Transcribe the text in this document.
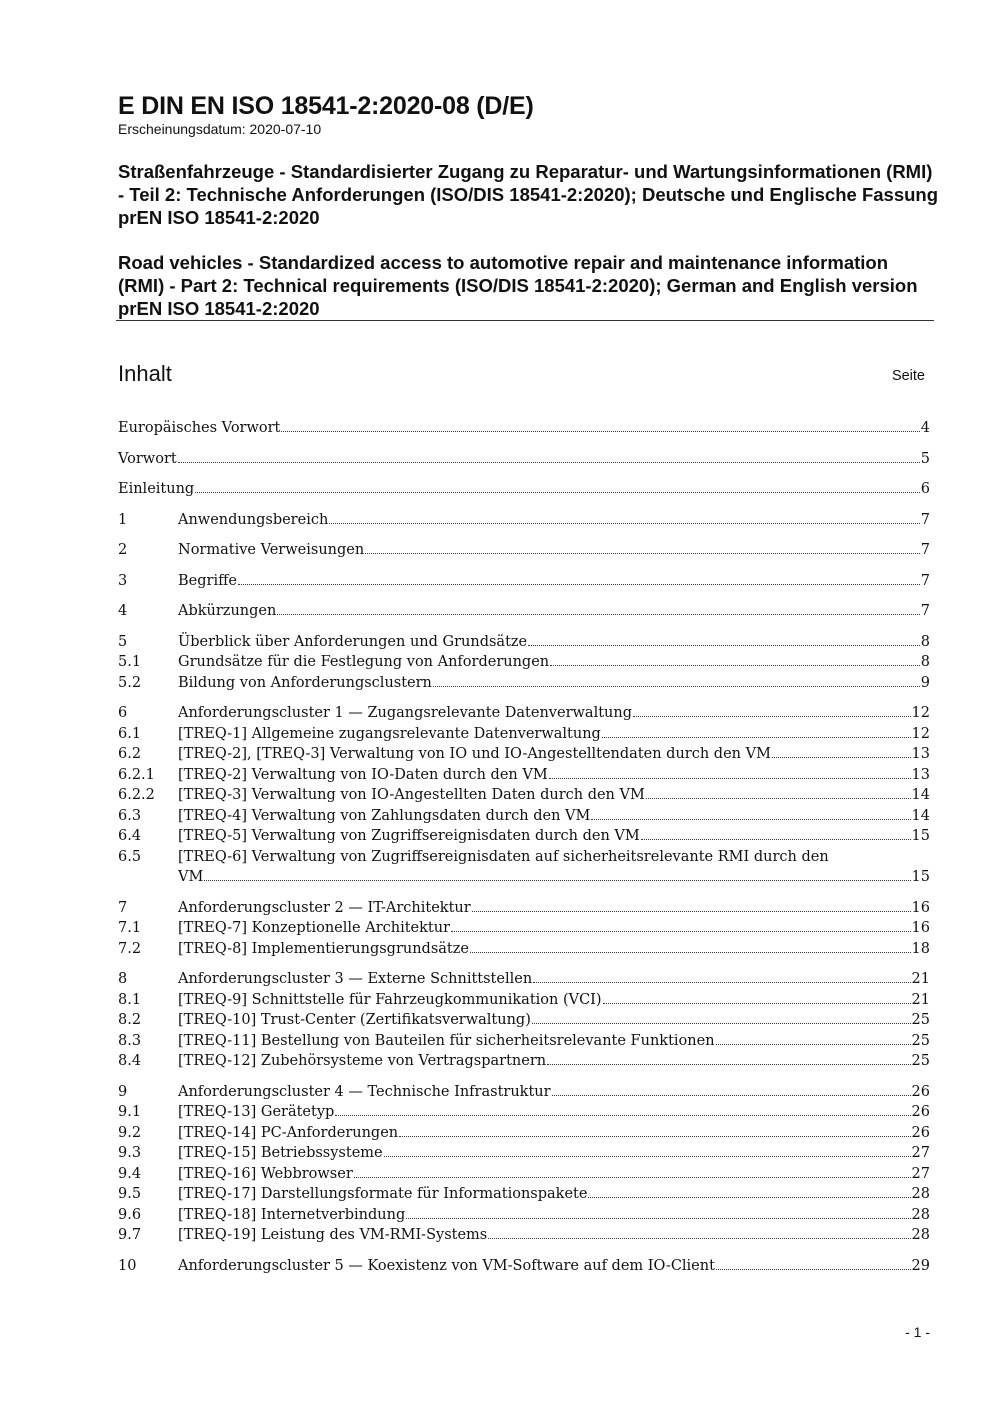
E DIN EN ISO 18541-2:2020-08 (D/E)
Erscheinungsdatum: 2020-07-10
Straßenfahrzeuge - Standardisierter Zugang zu Reparatur- und Wartungsinformationen (RMI) - Teil 2: Technische Anforderungen (ISO/DIS 18541-2:2020); Deutsche und Englische Fassung prEN ISO 18541-2:2020
Road vehicles - Standardized access to automotive repair and maintenance information (RMI) - Part 2: Technical requirements (ISO/DIS 18541-2:2020); German and English version prEN ISO 18541-2:2020
Inhalt	Seite
Europäisches Vorwort	4
Vorwort	5
Einleitung	6
1	Anwendungsbereich	7
2	Normative Verweisungen	7
3	Begriffe	7
4	Abkürzungen	7
5	Überblick über Anforderungen und Grundsätze	8
5.1	Grundsätze für die Festlegung von Anforderungen	8
5.2	Bildung von Anforderungsclustern	9
6	Anforderungscluster 1 — Zugangsrelevante Datenverwaltung	12
6.1	[TREQ-1] Allgemeine zugangsrelevante Datenverwaltung	12
6.2	[TREQ-2], [TREQ-3] Verwaltung von IO und IO-Angestelltendaten durch den VM	13
6.2.1	[TREQ-2] Verwaltung von IO-Daten durch den VM	13
6.2.2	[TREQ-3] Verwaltung von IO-Angestellten Daten durch den VM	14
6.3	[TREQ-4] Verwaltung von Zahlungsdaten durch den VM	14
6.4	[TREQ-5] Verwaltung von Zugriffsereignisdaten durch den VM	15
6.5	[TREQ-6] Verwaltung von Zugriffsereignisdaten auf sicherheitsrelevante RMI durch den
VM	15
7	Anforderungscluster 2 — IT-Architektur	16
7.1	[TREQ-7] Konzeptionelle Architektur	16
7.2	[TREQ-8] Implementierungsgrundsätze	18
8	Anforderungscluster 3 — Externe Schnittstellen	21
8.1	[TREQ-9] Schnittstelle für Fahrzeugkommunikation (VCI)	21
8.2	[TREQ-10] Trust-Center (Zertifikatsverwaltung)	25
8.3	[TREQ-11] Bestellung von Bauteilen für sicherheitsrelevante Funktionen	25
8.4	[TREQ-12] Zubehörsysteme von Vertragspartnern	25
9	Anforderungscluster 4 — Technische Infrastruktur	26
9.1	[TREQ-13] Gerätetyp	26
9.2	[TREQ-14] PC-Anforderungen	26
9.3	[TREQ-15] Betriebssysteme	27
9.4	[TREQ-16] Webbrowser	27
9.5	[TREQ-17] Darstellungsformate für Informationspakete	28
9.6	[TREQ-18] Internetverbindung	28
9.7	[TREQ-19] Leistung des VM-RMI-Systems	28
10	Anforderungscluster 5 — Koexistenz von VM-Software auf dem IO-Client	29
- 1 -
